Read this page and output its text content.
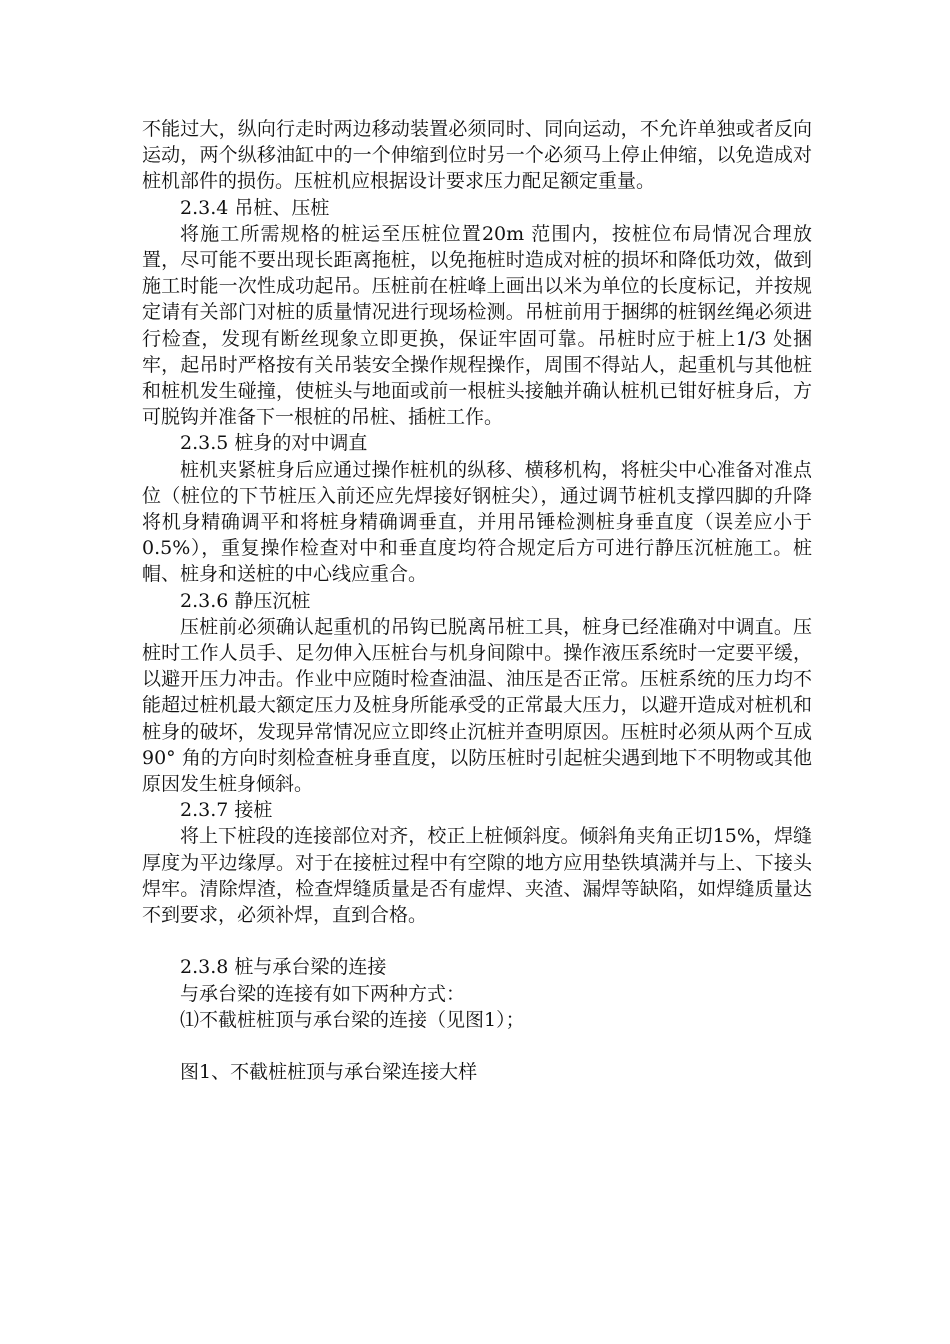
不能过大，纵向行走时两边移动装置必须同时、同向运动，不允许单独或者反向运动，两个纵移油缸中的一个伸缩到位时另一个必须马上停止伸缩，以免造成对桩机部件的损伤。压桩机应根据设计要求压力配足额定重量。

2.3.4 吊桩、压桩

将施工所需规格的桩运至压桩位置20m 范围内，按桩位布局情况合理放置，尽可能不要出现长距离拖桩，以免拖桩时造成对桩的损坏和降低功效，做到施工时能一次性成功起吊。压桩前在桩峰上画出以米为单位的长度标记，并按规定请有关部门对桩的质量情况进行现场检测。吊桩前用于捆绑的桩钢丝绳必须进行检查，发现有断丝现象立即更换，保证牢固可靠。吊桩时应于桩上1/3 处捆牢，起吊时严格按有关吊装安全操作规程操作，周围不得站人，起重机与其他桩和桩机发生碰撞，使桩头与地面或前一根桩头接触并确认桩机已钳好桩身后，方可脱钩并准备下一根桩的吊桩、插桩工作。

2.3.5 桩身的对中调直

桩机夹紧桩身后应通过操作桩机的纵移、横移机构，将桩尖中心准备对准点位（桩位的下节桩压入前还应先焊接好钢桩尖），通过调节桩机支撑四脚的升降将机身精确调平和将桩身精确调垂直，并用吊锤检测桩身垂直度（误差应小于0.5%），重复操作检查对中和垂直度均符合规定后方可进行静压沉桩施工。桩帽、桩身和送桩的中心线应重合。

2.3.6 静压沉桩

压桩前必须确认起重机的吊钩已脱离吊桩工具，桩身已经准确对中调直。压桩时工作人员手、足勿伸入压桩台与机身间隙中。操作液压系统时一定要平缓，以避开压力冲击。作业中应随时检查油温、油压是否正常。压桩系统的压力均不能超过桩机最大额定压力及桩身所能承受的正常最大压力，以避开造成对桩机和桩身的破坏，发现异常情况应立即终止沉桩并查明原因。压桩时必须从两个互成90° 角的方向时刻检查桩身垂直度，以防压桩时引起桩尖遇到地下不明物或其他原因发生桩身倾斜。

2.3.7 接桩

将上下桩段的连接部位对齐，校正上桩倾斜度。倾斜角夹角正切15%，焊缝厚度为平边缘厚。对于在接桩过程中有空隙的地方应用垫铁填满并与上、下接头焊牢。清除焊渣，检查焊缝质量是否有虚焊、夹渣、漏焊等缺陷，如焊缝质量达不到要求，必须补焊，直到合格。

2.3.8 桩与承台梁的连接

与承台梁的连接有如下两种方式：

⑴不截桩桩顶与承台梁的连接（见图1）；

图1、不截桩桩顶与承台梁连接大样
